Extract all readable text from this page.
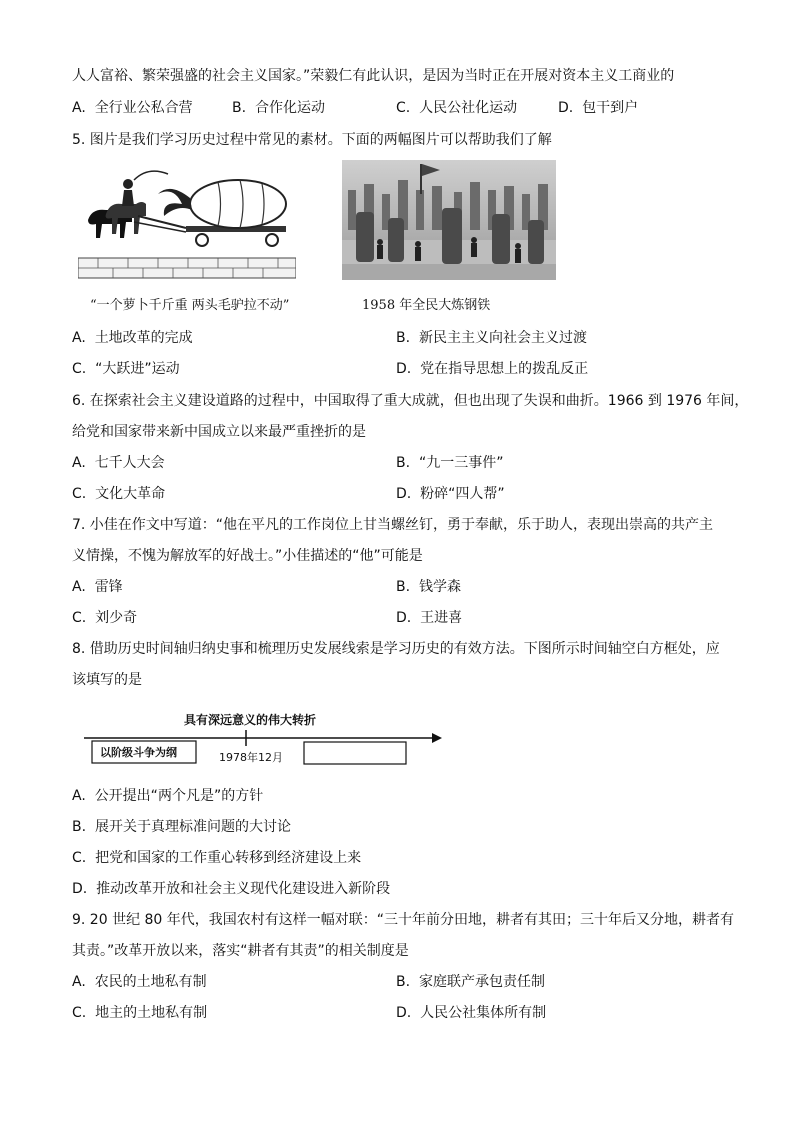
人人富裕、繁荣强盛的社会主义国家。”荣毅仁有此认识，是因为当时正在开展对资本主义工商业的
A. 全行业公私合营	B. 合作化运动	C. 人民公社化运动	D. 包干到户
5. 图片是我们学习历史过程中常见的素材。下面的两幅图片可以帮助我们了解
“一个萝卜千斤重 两头毛驴拉不动”	1958 年全民大炼钢铁
A. 土地改革的完成	B. 新民主主义向社会主义过渡
C. “大跃进”运动	D. 党在指导思想上的拨乱反正
6. 在探索社会主义建设道路的过程中，中国取得了重大成就，但也出现了失误和曲折。1966 到 1976 年间，
给党和国家带来新中国成立以来最严重挫折的是
A. 七千人大会	B. “九一三事件”
C. 文化大革命	D. 粉碎“四人帮”
7. 小佳在作文中写道：“他在平凡的工作岗位上甘当螺丝钉，勇于奉献，乐于助人，表现出崇高的共产主
义情操，不愧为解放军的好战士。”小佳描述的“他”可能是
A. 雷锋	B. 钱学森
C. 刘少奇	D. 王进喜
8. 借助历史时间轴归纳史事和梳理历史发展线索是学习历史的有效方法。下图所示时间轴空白方框处，应
该填写的是
具有深远意义的伟大转折
以阶级斗争为纲	1978年12月
A. 公开提出“两个凡是”的方针
B. 展开关于真理标准问题的大讨论
C. 把党和国家的工作重心转移到经济建设上来
D. 推动改革开放和社会主义现代化建设进入新阶段
9. 20 世纪 80 年代，我国农村有这样一幅对联：“三十年前分田地，耕者有其田；三十年后又分地，耕者有
其责。”改革开放以来，落实“耕者有其责”的相关制度是
A. 农民的土地私有制	B. 家庭联产承包责任制
C. 地主的土地私有制	D. 人民公社集体所有制
